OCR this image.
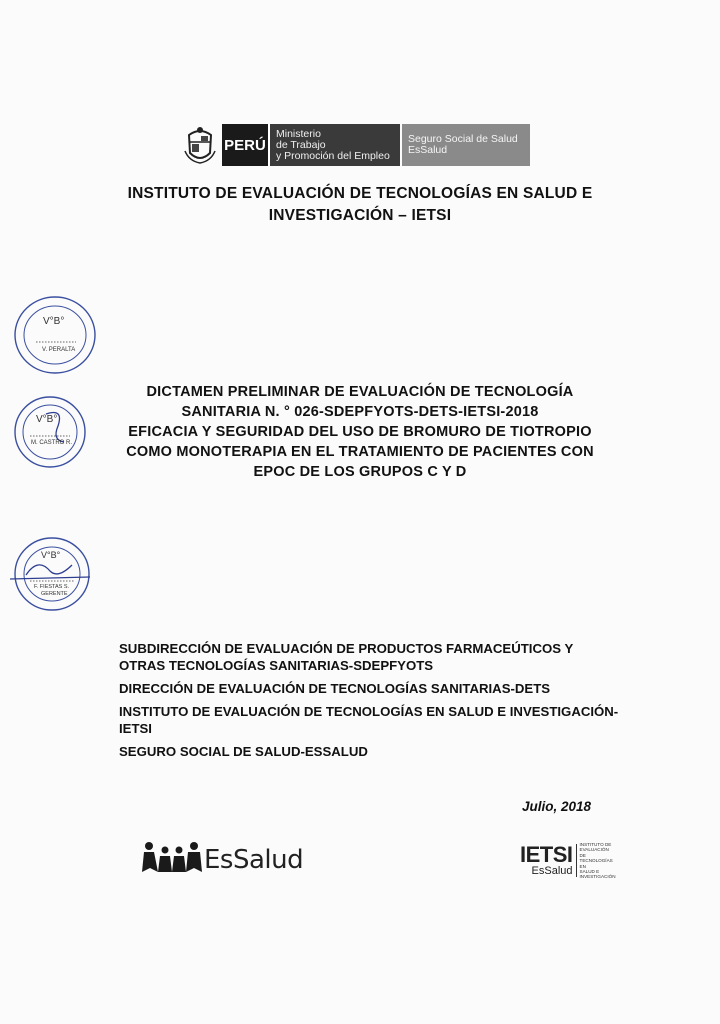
PERÚ
Ministerio
de Trabajo
y Promoción del Empleo
Seguro Social de Salud
EsSalud
INSTITUTO DE EVALUACIÓN DE TECNOLOGÍAS EN SALUD E
INVESTIGACIÓN – IETSI
V°B°
V. PERALTA
DICTAMEN PRELIMINAR DE EVALUACIÓN DE TECNOLOGÍA
SANITARIA N. ° 026-SDEPFYOTS-DETS-IETSI-2018
EFICACIA Y SEGURIDAD DEL USO DE BROMURO DE TIOTROPIO
COMO MONOTERAPIA EN EL TRATAMIENTO DE PACIENTES CON
EPOC DE LOS GRUPOS C Y D
V°B°
M. CASTRO R.
V°B°
F. FIESTAS S.
GERENTE
SUBDIRECCIÓN DE EVALUACIÓN DE PRODUCTOS FARMACEÚTICOS Y OTRAS TECNOLOGÍAS SANITARIAS-SDEPFYOTS
DIRECCIÓN DE EVALUACIÓN DE TECNOLOGÍAS SANITARIAS-DETS
INSTITUTO DE EVALUACIÓN DE TECNOLOGÍAS EN SALUD E INVESTIGACIÓN-IETSI
SEGURO SOCIAL DE SALUD-ESSALUD
Julio, 2018
EsSalud	IETSI
EsSalud
INSTITUTO DE
EVALUACIÓN DE
TECNOLOGÍAS EN
SALUD E
INVESTIGACIÓN
